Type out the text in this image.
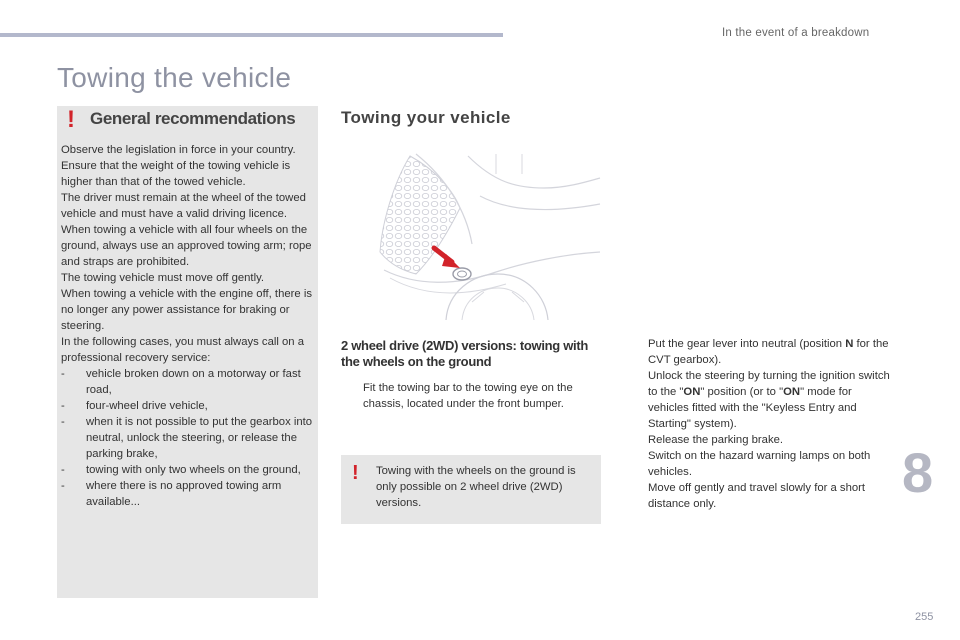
In the event of a breakdown
Towing the vehicle
! General recommendations

Observe the legislation in force in your country.

Ensure that the weight of the towing vehicle is higher than that of the towed vehicle.

The driver must remain at the wheel of the towed vehicle and must have a valid driving licence.

When towing a vehicle with all four wheels on the ground, always use an approved towing arm; rope and straps are prohibited.

The towing vehicle must move off gently.

When towing a vehicle with the engine off, there is no longer any power assistance for braking or steering.

In the following cases, you must always call on a professional recovery service:

- vehicle broken down on a motorway or fast road,
- four-wheel drive vehicle,
- when it is not possible to put the gearbox into neutral, unlock the steering, or release the parking brake,
- towing with only two wheels on the ground,
- where there is no approved towing arm available...
Towing your vehicle
2 wheel drive (2WD) versions: towing with the wheels on the ground
Fit the towing bar to the towing eye on the chassis, located under the front bumper.
! Towing with the wheels on the ground is only possible on 2 wheel drive (2WD) versions.
Put the gear lever into neutral (position N for the CVT gearbox).
Unlock the steering by turning the ignition switch to the "ON" position (or to "ON" mode for vehicles fitted with the "Keyless Entry and Starting" system).
Release the parking brake.
Switch on the hazard warning lamps on both vehicles.
Move off gently and travel slowly for a short distance only.	8
255
